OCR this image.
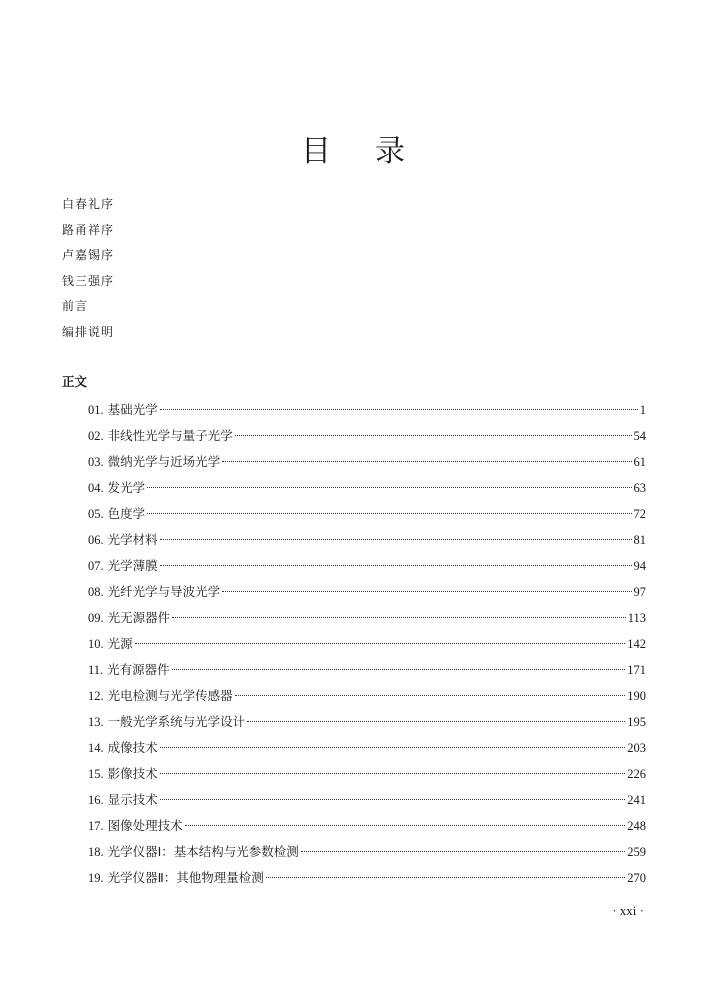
目 录
白春礼序
路甬祥序
卢嘉锡序
钱三强序
前言
编排说明
正文
01. 基础光学	1
02. 非线性光学与量子光学	54
03. 微纳光学与近场光学	61
04. 发光学	63
05. 色度学	72
06. 光学材料	81
07. 光学薄膜	94
08. 光纤光学与导波光学	97
09. 光无源器件	113
10. 光源	142
11. 光有源器件	171
12. 光电检测与光学传感器	190
13. 一般光学系统与光学设计	195
14. 成像技术	203
15. 影像技术	226
16. 显示技术	241
17. 图像处理技术	248
18. 光学仪器Ⅰ：基本结构与光参数检测	259
19. 光学仪器Ⅱ：其他物理量检测	270
· xxi ·
